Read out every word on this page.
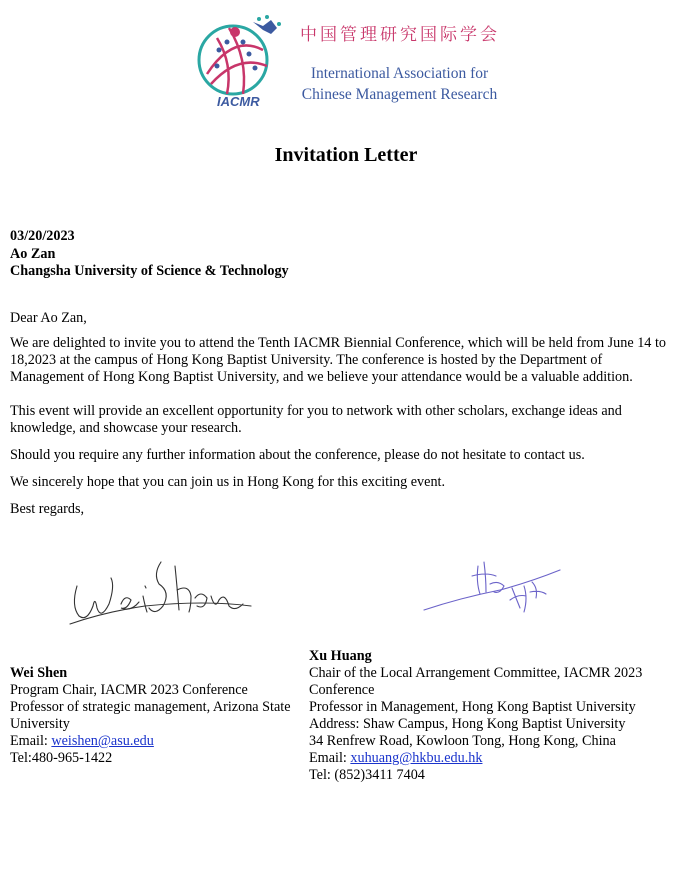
IACMR
中国管理研究国际学会
International Association for
Chinese Management Research
Invitation Letter
03/20/2023
Ao Zan
Changsha University of Science & Technology
Dear Ao Zan,
We are delighted to invite you to attend the Tenth IACMR Biennial Conference, which will be held from June 14 to 18,2023 at the campus of Hong Kong Baptist University. The conference is hosted by the Department of Management of Hong Kong Baptist University, and we believe your attendance would be a valuable addition.
This event will provide an excellent opportunity for you to network with other scholars, exchange ideas and knowledge, and showcase your research.
Should you require any further information about the conference, please do not hesitate to contact us.
We sincerely hope that you can join us in Hong Kong for this exciting event.
Best regards,
Wei Shen
Program Chair, IACMR 2023 Conference
Professor of strategic management, Arizona State University
Email: weishen@asu.edu
Tel:480-965-1422
Xu Huang
Chair of the Local Arrangement Committee, IACMR 2023 Conference
Professor in Management, Hong Kong Baptist University
Address: Shaw Campus, Hong Kong Baptist University
34 Renfrew Road, Kowloon Tong, Hong Kong, China
Email: xuhuang@hkbu.edu.hk
Tel: (852)3411 7404
